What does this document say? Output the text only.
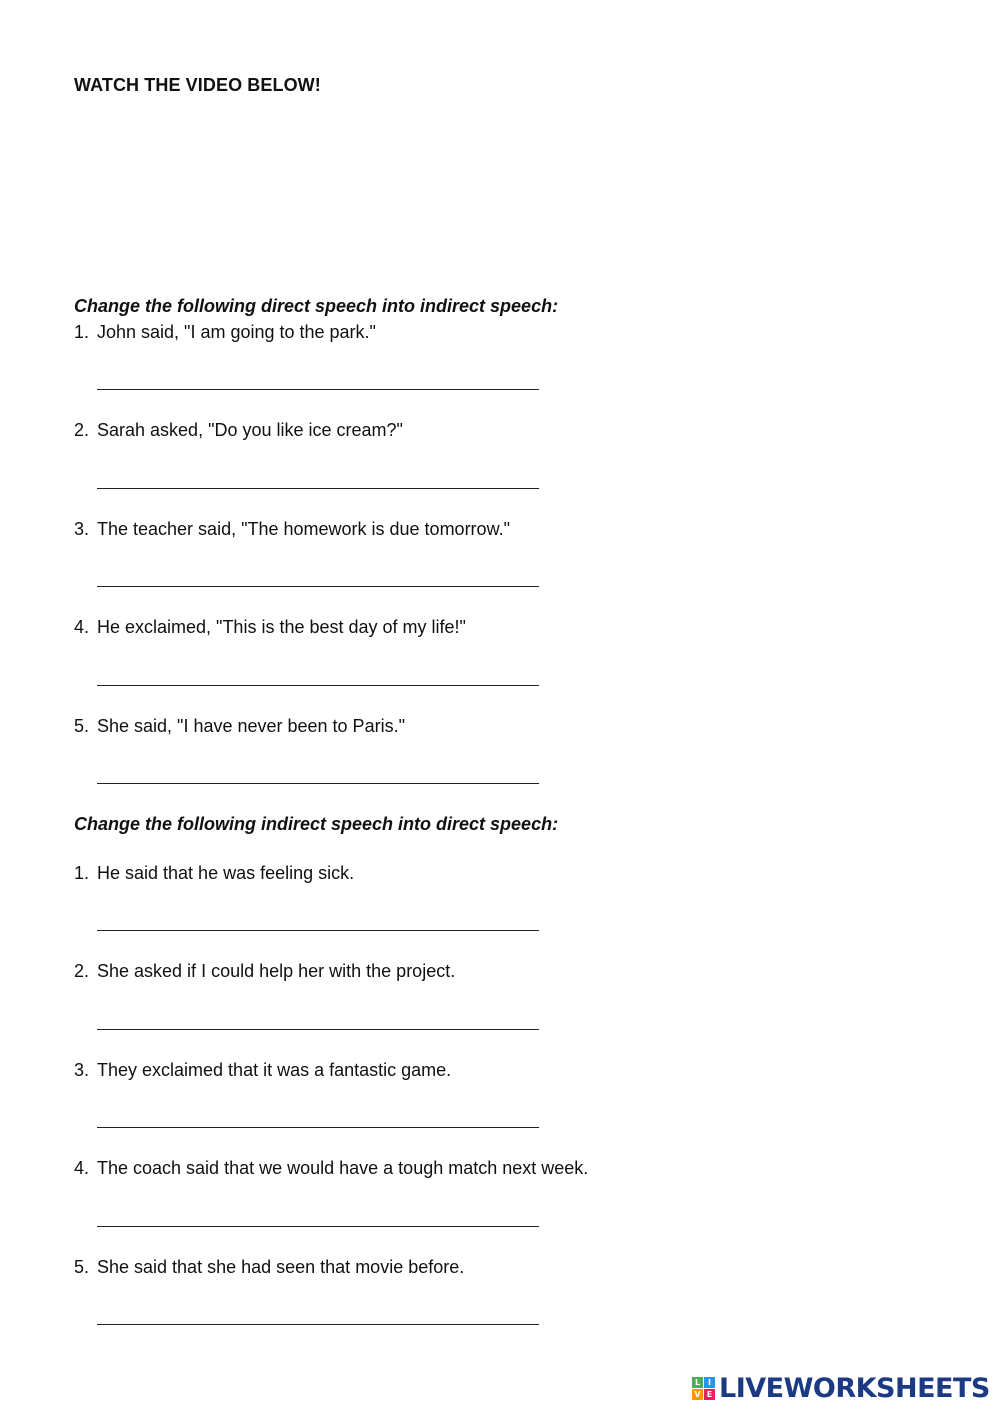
WATCH THE VIDEO BELOW!
Change the following direct speech into indirect speech:
1. John said, "I am going to the park."
2. Sarah asked, "Do you like ice cream?"
3. The teacher said, "The homework is due tomorrow."
4. He exclaimed, "This is the best day of my life!"
5. She said, "I have never been to Paris."
Change the following indirect speech into direct speech:
1. He said that he was feeling sick.
2. She asked if I could help her with the project.
3. They exclaimed that it was a fantastic game.
4. The coach said that we would have a tough match next week.
5. She said that she had seen that movie before.
L I
V E LIVEWORKSHEETS
